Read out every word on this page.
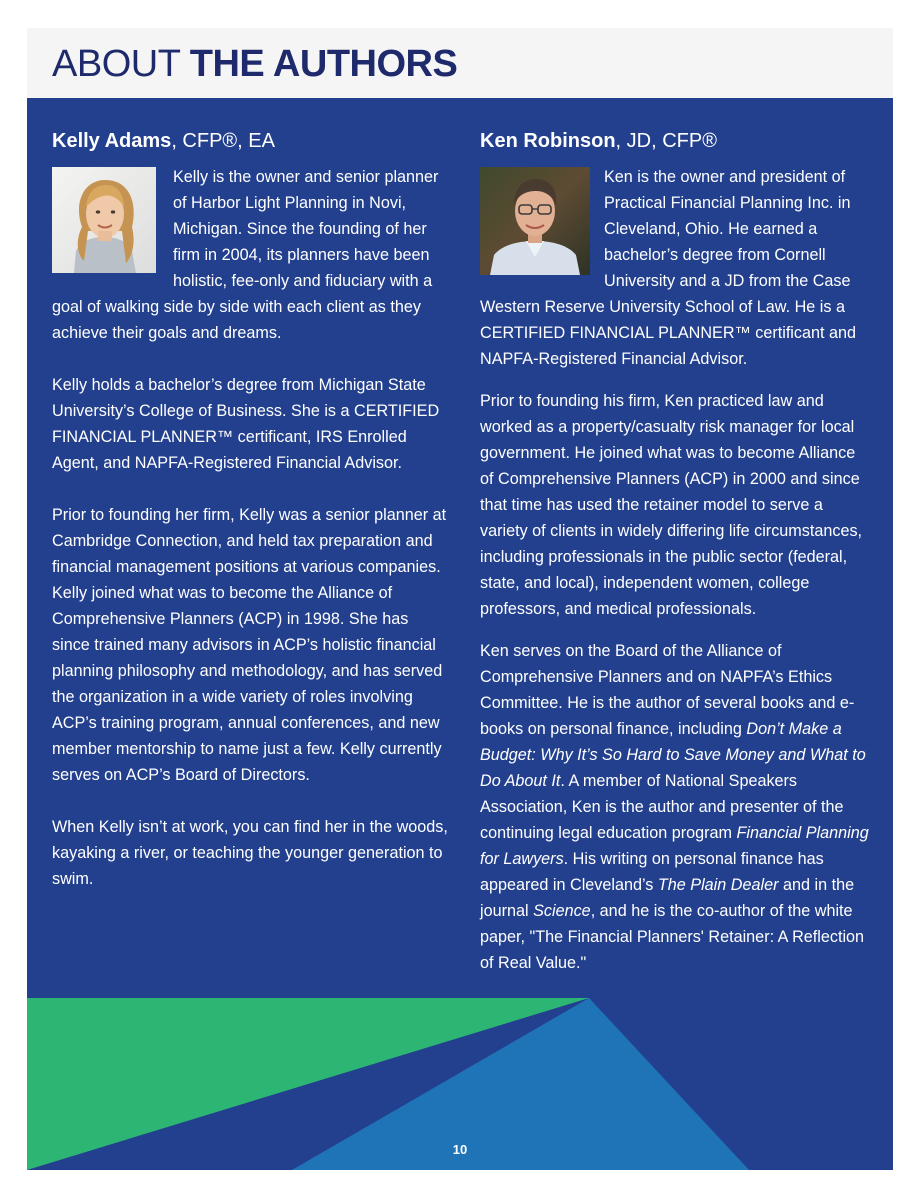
ABOUT THE AUTHORS
Kelly Adams, CFP®, EA

Kelly is the owner and senior planner of Harbor Light Planning in Novi, Michigan. Since the founding of her firm in 2004, its planners have been holistic, fee-only and fiduciary with a goal of walking side by side with each client as they achieve their goals and dreams.

Kelly holds a bachelor’s degree from Michigan State University’s College of Business. She is a CERTIFIED FINANCIAL PLANNER™ certificant, IRS Enrolled Agent, and NAPFA-Registered Financial Advisor.

Prior to founding her firm, Kelly was a senior planner at Cambridge Connection, and held tax preparation and financial management positions at various companies. Kelly joined what was to become the Alliance of Comprehensive Planners (ACP) in 1998. She has since trained many advisors in ACP’s holistic financial planning philosophy and methodology, and has served the organization in a wide variety of roles involving ACP’s training program, annual conferences, and new member mentorship to name just a few. Kelly currently serves on ACP’s Board of Directors.

When Kelly isn’t at work, you can find her in the woods, kayaking a river, or teaching the younger generation to swim.

Ken Robinson, JD, CFP®

Ken is the owner and president of Practical Financial Planning Inc. in Cleveland, Ohio. He earned a bachelor’s degree from Cornell University and a JD from the Case Western Reserve University School of Law. He is a CERTIFIED FINANCIAL PLANNER™ certificant and NAPFA-Registered Financial Advisor.

Prior to founding his firm, Ken practiced law and worked as a property/casualty risk manager for local government. He joined what was to become Alliance of Comprehensive Planners (ACP) in 2000 and since that time has used the retainer model to serve a variety of clients in widely differing life circumstances, including professionals in the public sector (federal, state, and local), independent women, college professors, and medical professionals.

Ken serves on the Board of the Alliance of Comprehensive Planners and on NAPFA’s Ethics Committee. He is the author of several books and e-books on personal finance, including Don’t Make a Budget: Why It’s So Hard to Save Money and What to Do About It. A member of National Speakers Association, Ken is the author and presenter of the continuing legal education program Financial Planning for Lawyers. His writing on personal finance has appeared in Cleveland’s The Plain Dealer and in the journal Science, and he is the co-author of the white paper, "The Financial Planners' Retainer: A Reflection of Real Value."

10
